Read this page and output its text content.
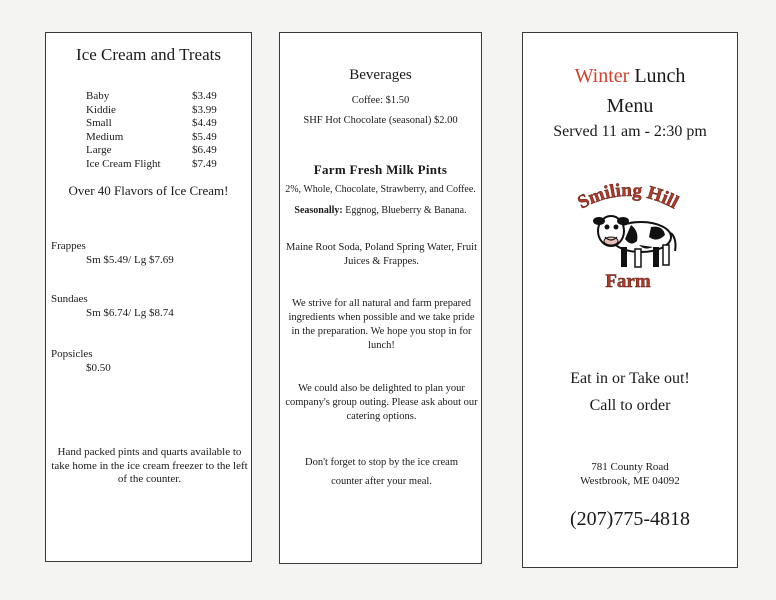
Ice Cream and Treats
Baby	$3.49
Kiddie	$3.99
Small	$4.49
Medium	$5.49
Large	$6.49
Ice Cream Flight	$7.49
Over 40 Flavors of Ice Cream!
Frappes
Sm $5.49/ Lg $7.69
Sundaes
Sm $6.74/ Lg $8.74
Popsicles
$0.50
Hand packed pints and quarts available to take home in the ice cream freezer to the left of the counter.
Beverages
Coffee: $1.50
SHF Hot Chocolate (seasonal) $2.00
Farm Fresh Milk Pints
2%, Whole, Chocolate, Strawberry, and Coffee.
Seasonally: Eggnog, Blueberry & Banana.
Maine Root Soda, Poland Spring Water, Fruit Juices & Frappes.
We strive for all natural and farm prepared ingredients when possible and we take pride in the preparation. We hope you stop in for lunch!
We could also be delighted to plan your company's group outing. Please ask about our catering options.
Don't forget to stop by the ice cream counter after your meal.
Winter Lunch
Menu
Served 11 am - 2:30 pm
Smiling Hill
Farm
Eat in or Take out!
Call to order
781 County Road
Westbrook, ME 04092
(207)775-4818
